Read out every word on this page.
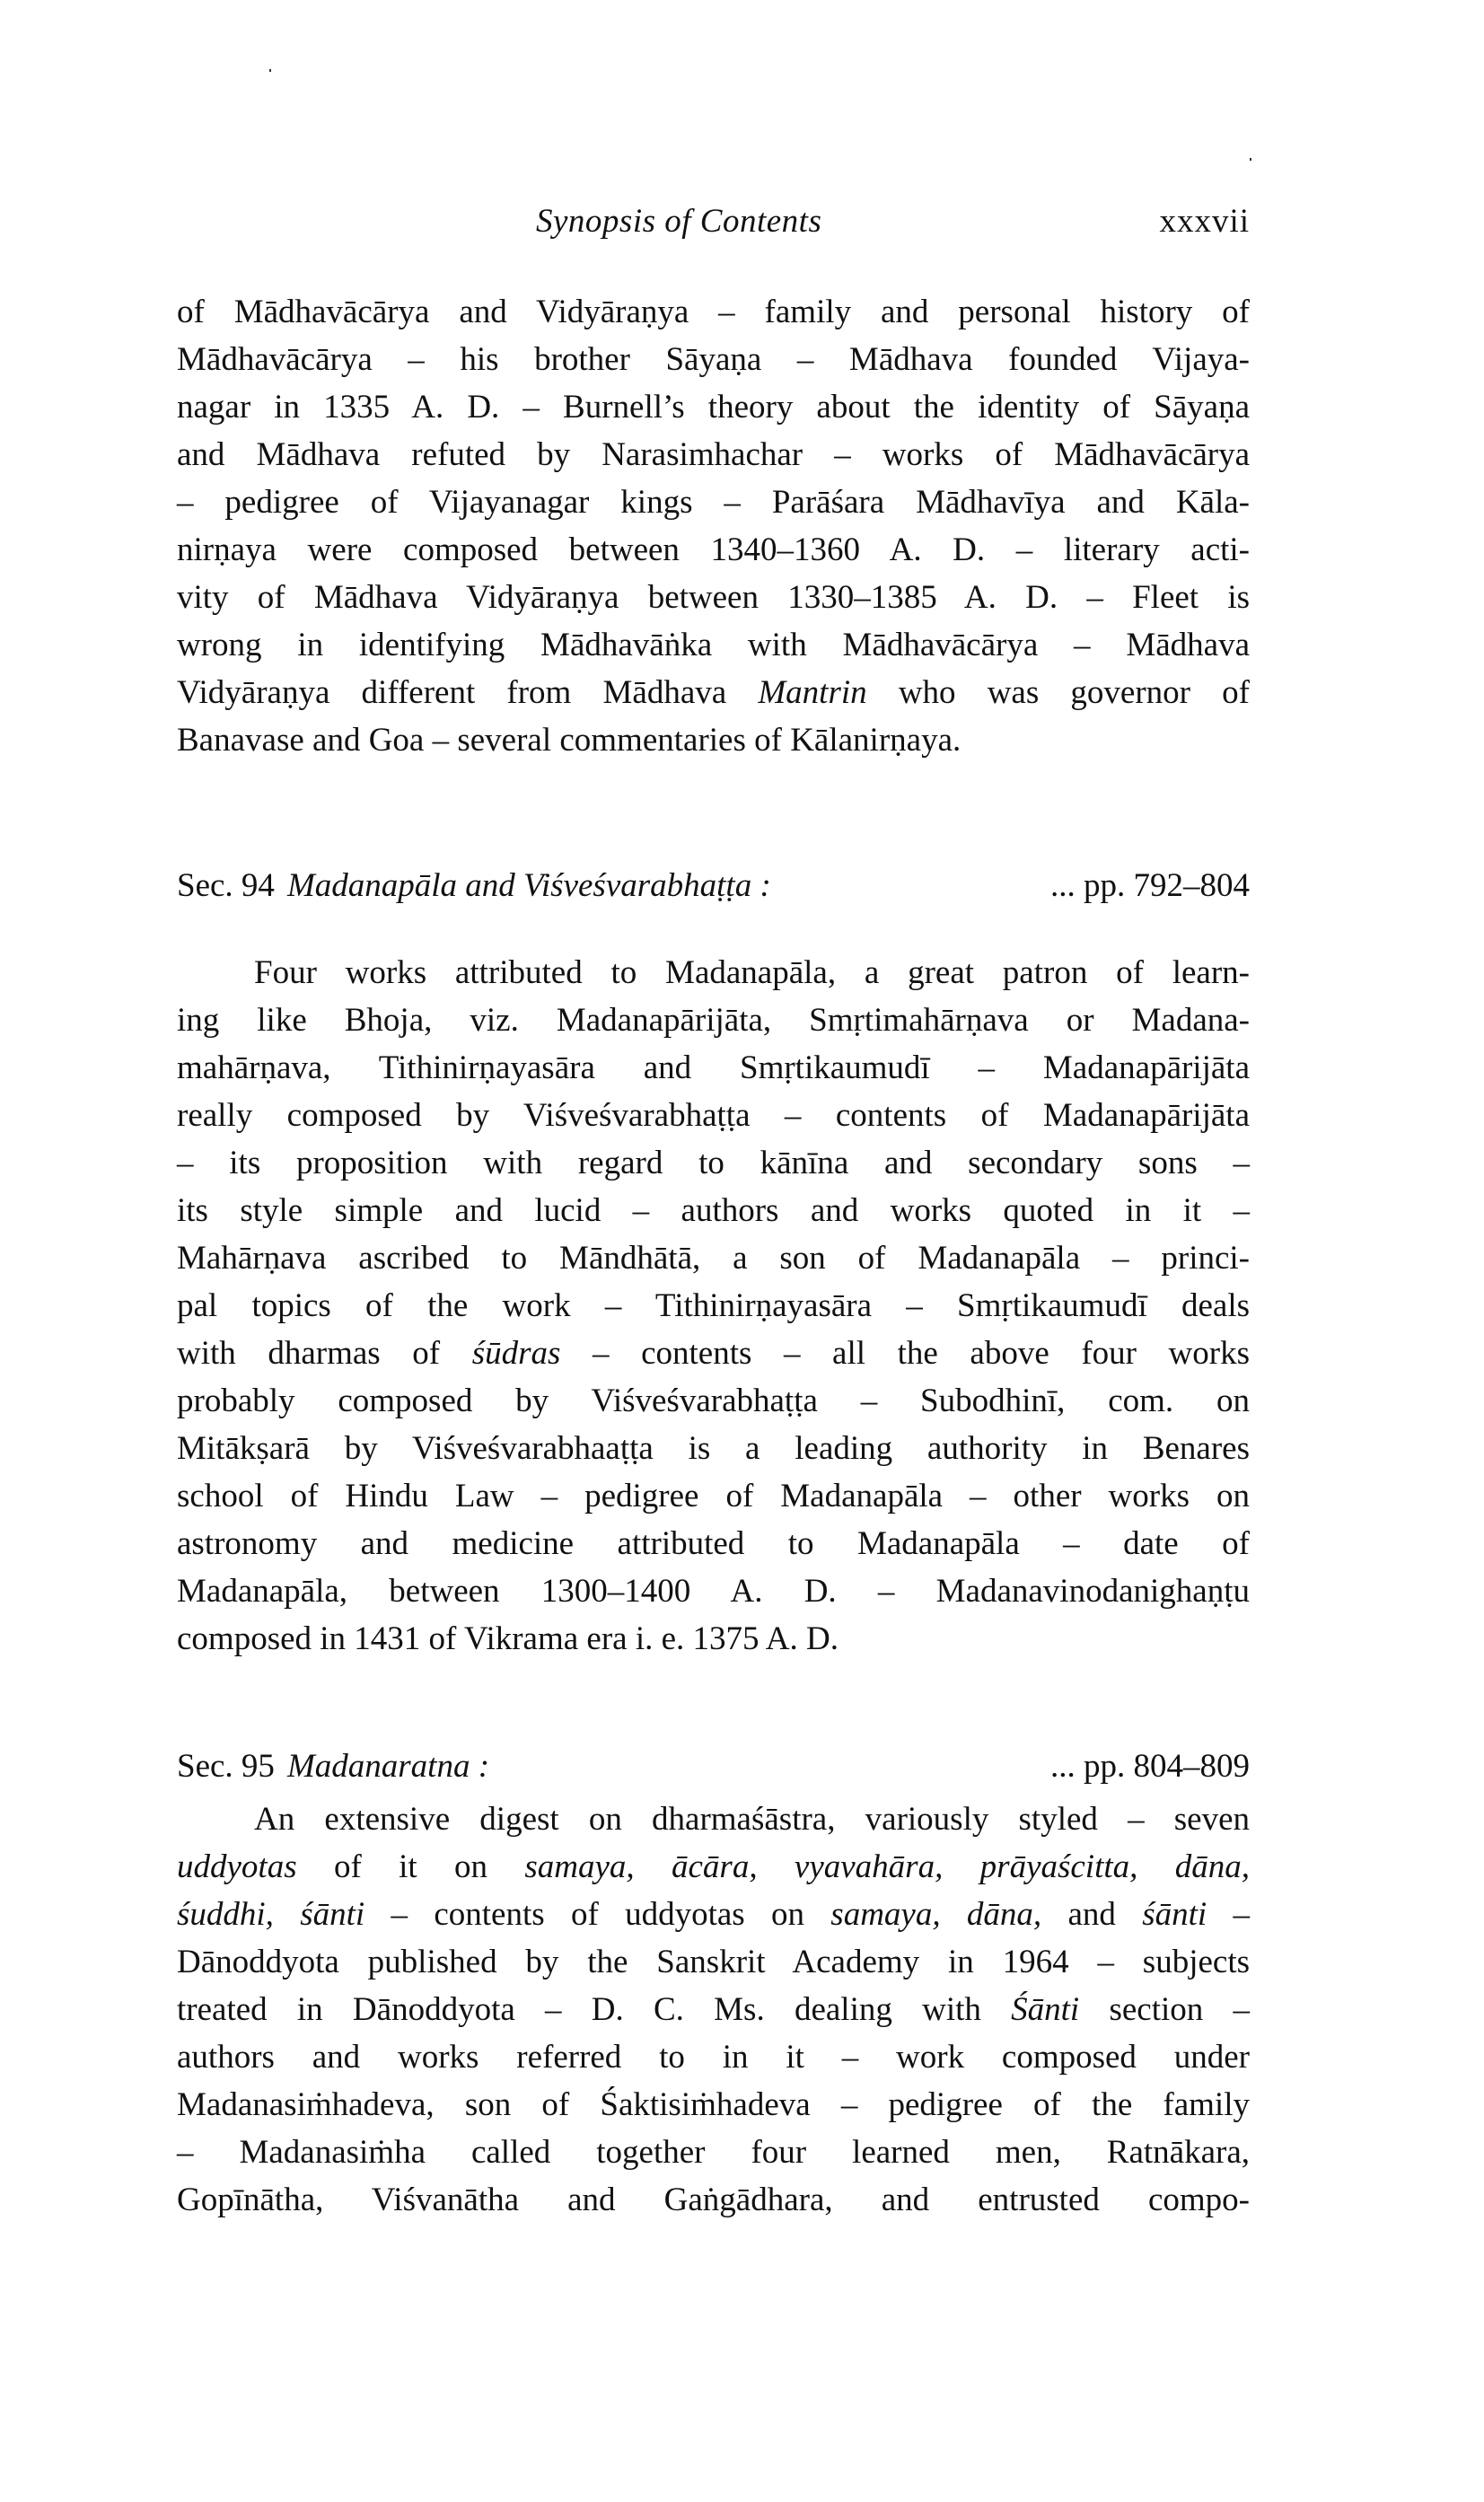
Synopsis of Contents	xxxvii
of Mādhavācārya and Vidyāraṇya – family and personal history of
Mādhavācārya – his brother Sāyaṇa – Mādhava founded Vijaya-
nagar in 1335 A. D. – Burnell’s theory about the identity of Sāyaṇa
and Mādhava refuted by Narasimhachar – works of Mādhavācārya
– pedigree of Vijayanagar kings – Parāśara Mādhavīya and Kāla-
nirṇaya were composed between 1340–1360 A. D. – literary acti-
vity of Mādhava Vidyāraṇya between 1330–1385 A. D. – Fleet is
wrong in identifying Mādhavāṅka with Mādhavācārya – Mādhava
Vidyāraṇya different from Mādhava Mantrin who was governor of
Banavase and Goa – several commentaries of Kālanirṇaya.
Sec. 94 Madanapāla and Viśveśvarabhaṭṭa :	... pp. 792–804
Four works attributed to Madanapāla, a great patron of learn-
ing like Bhoja, viz. Madanapārijāta, Smṛtimahārṇava or Madana-
mahārṇava, Tithinirṇayasāra and Smṛtikaumudī – Madanapārijāta
really composed by Viśveśvarabhaṭṭa – contents of Madanapārijāta
– its proposition with regard to kānīna and secondary sons –
its style simple and lucid – authors and works quoted in it –
Mahārṇava ascribed to Māndhātā, a son of Madanapāla – princi-
pal topics of the work – Tithinirṇayasāra – Smṛtikaumudī deals
with dharmas of śūdras – contents – all the above four works
probably composed by Viśveśvarabhaṭṭa – Subodhinī, com. on
Mitākṣarā by Viśveśvarabhaaṭṭa is a leading authority in Benares
school of Hindu Law – pedigree of Madanapāla – other works on
astronomy and medicine attributed to Madanapāla – date of
Madanapāla, between 1300–1400 A. D. – Madanavinodanighaṇṭu
composed in 1431 of Vikrama era i. e. 1375 A. D.
Sec. 95 Madanaratna :	... pp. 804–809
An extensive digest on dharmaśāstra, variously styled – seven
uddyotas of it on samaya, ācāra, vyavahāra, prāyaścitta, dāna,
śuddhi, śānti – contents of uddyotas on samaya, dāna, and śānti –
Dānoddyota published by the Sanskrit Academy in 1964 – subjects
treated in Dānoddyota – D. C. Ms. dealing with Śānti section –
authors and works referred to in it – work composed under
Madanasiṁhadeva, son of Śaktisiṁhadeva – pedigree of the family
– Madanasiṁha called together four learned men, Ratnākara,
Gopīnātha, Viśvanātha and Gaṅgādhara, and entrusted compo-
